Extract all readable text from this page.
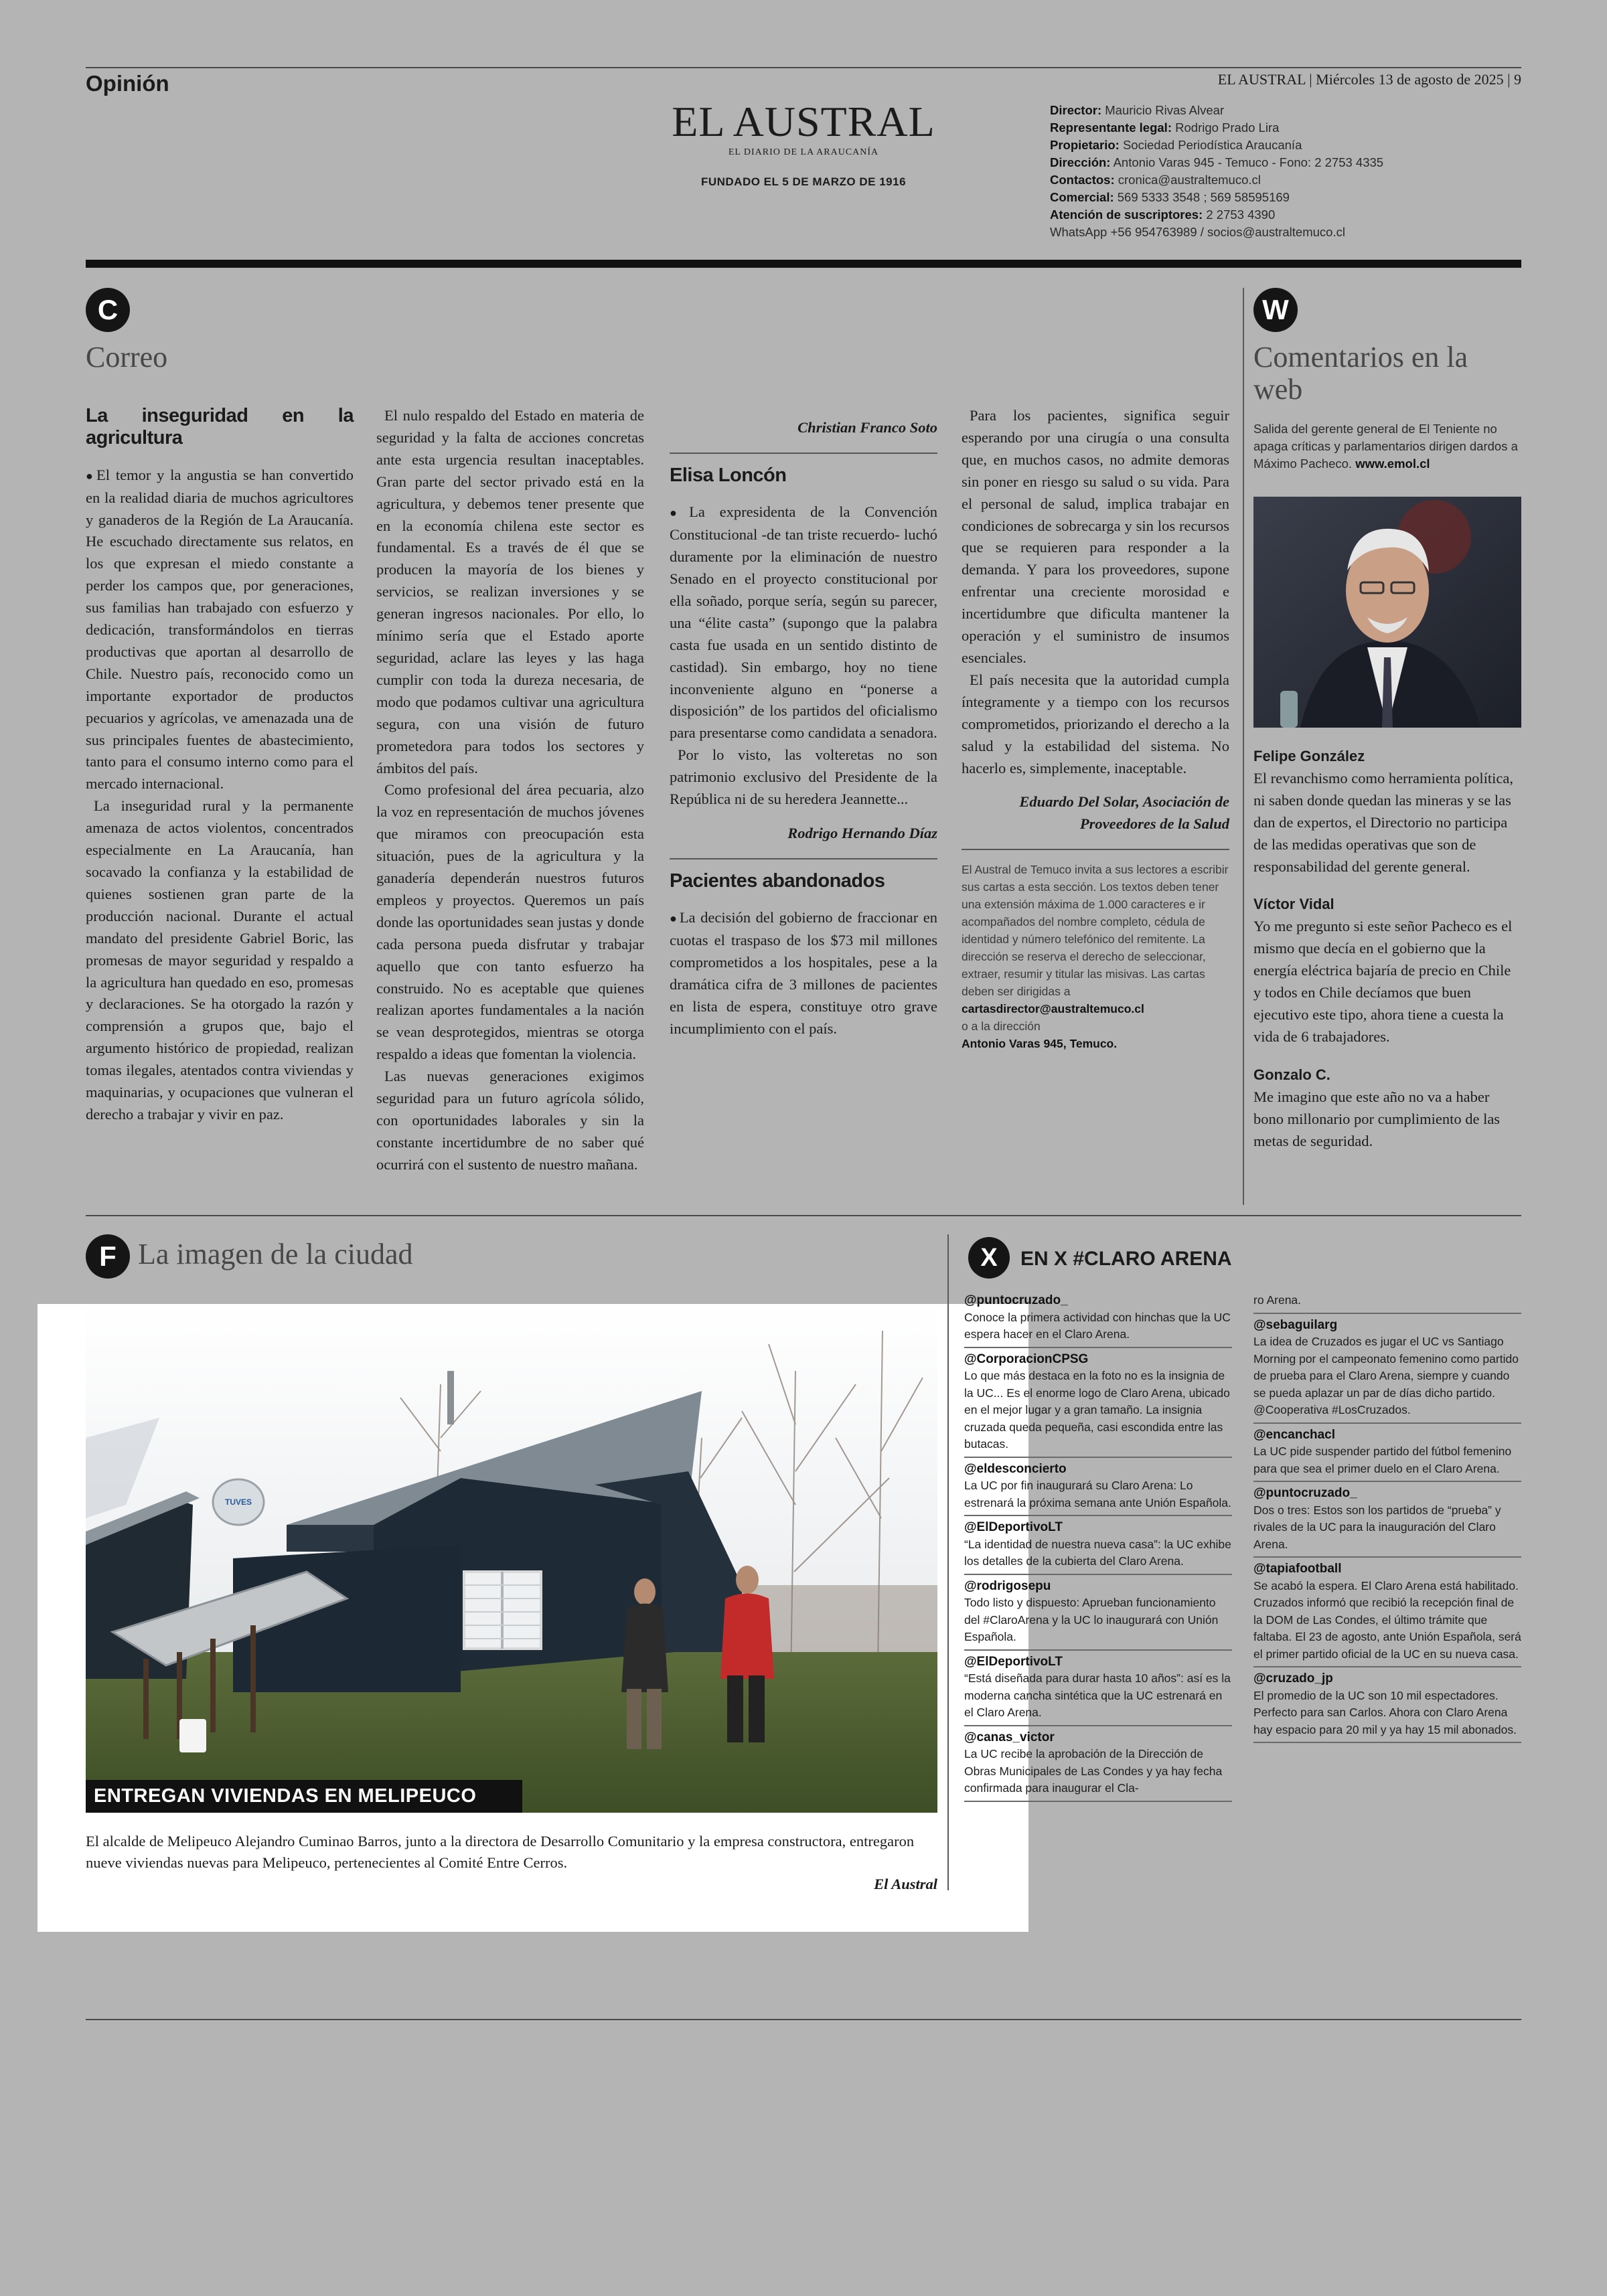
Opinión	EL AUSTRAL | Miércoles 13 de agosto de 2025 | 9
EL AUSTRAL
EL DIARIO DE LA ARAUCANÍA
FUNDADO EL 5 DE MARZO DE 1916
Director: Mauricio Rivas Alvear
Representante legal: Rodrigo Prado Lira
Propietario: Sociedad Periodística Araucanía
Dirección: Antonio Varas 945 - Temuco - Fono: 2 2753 4335
Contactos: cronica@australtemuco.cl
Comercial: 569 5333 3548 ; 569 58595169
Atención de suscriptores: 2 2753 4390
WhatsApp +56 954763989 / socios@australtemuco.cl
C
Correo
La inseguridad en la agricultura

● El temor y la angustia se han convertido en la realidad diaria de muchos agricultores y ganaderos de la Región de La Araucanía. He escuchado directamente sus relatos, en los que expresan el miedo constante a perder los campos que, por generaciones, sus familias han trabajado con esfuerzo y dedicación, transformándolos en tierras productivas que aportan al desarrollo de Chile. Nuestro país, reconocido como un importante exportador de productos pecuarios y agrícolas, ve amenazada una de sus principales fuentes de abastecimiento, tanto para el consumo interno como para el mercado internacional.

La inseguridad rural y la permanente amenaza de actos violentos, concentrados especialmente en La Araucanía, han socavado la confianza y la estabilidad de quienes sostienen gran parte de la producción nacional. Durante el actual mandato del presidente Gabriel Boric, las promesas de mayor seguridad y respaldo a la agricultura han quedado en eso, promesas y declaraciones. Se ha otorgado la razón y comprensión a grupos que, bajo el argumento histórico de propiedad, realizan tomas ilegales, atentados contra viviendas y maquinarias, y ocupaciones que vulneran el derecho a trabajar y vivir en paz.

El nulo respaldo del Estado en materia de seguridad y la falta de acciones concretas ante esta urgencia resultan inaceptables. Gran parte del sector privado está en la agricultura, y debemos tener presente que en la economía chilena este sector es fundamental. Es a través de él que se producen la mayoría de los bienes y servicios, se realizan inversiones y se generan ingresos nacionales. Por ello, lo mínimo sería que el Estado aporte seguridad, aclare las leyes y las haga cumplir con toda la dureza necesaria, de modo que podamos cultivar una agricultura segura, con una visión de futuro prometedora para todos los sectores y ámbitos del país.

Como profesional del área pecuaria, alzo la voz en representación de muchos jóvenes que miramos con preocupación esta situación, pues de la agricultura y la ganadería dependerán nuestros futuros empleos y proyectos. Queremos un país donde las oportunidades sean justas y donde cada persona pueda disfrutar y trabajar aquello que con tanto esfuerzo ha construido. No es aceptable que quienes realizan aportes fundamentales a la nación se vean desprotegidos, mientras se otorga respaldo a ideas que fomentan la violencia.

Las nuevas generaciones exigimos seguridad para un futuro agrícola sólido, con oportunidades laborales y sin la constante incertidumbre de no saber qué ocurrirá con el sustento de nuestro mañana.

Christian Franco Soto
Elisa Loncón

● La expresidenta de la Convención Constitucional -de tan triste recuerdo- luchó duramente por la eliminación de nuestro Senado en el proyecto constitucional por ella soñado, porque sería, según su parecer, una “élite casta” (supongo que la palabra casta fue usada en un sentido distinto de castidad). Sin embargo, hoy no tiene inconveniente alguno en “ponerse a disposición” de los partidos del oficialismo para presentarse como candidata a senadora.

Por lo visto, las volteretas no son patrimonio exclusivo del Presidente de la República ni de su heredera Jeannette...

Rodrigo Hernando Díaz
Pacientes abandonados

● La decisión del gobierno de fraccionar en cuotas el traspaso de los $73 mil millones comprometidos a los hospitales, pese a la dramática cifra de 3 millones de pacientes en lista de espera, constituye otro grave incumplimiento con el país.

Para los pacientes, significa seguir esperando por una cirugía o una consulta que, en muchos casos, no admite demoras sin poner en riesgo su salud o su vida. Para el personal de salud, implica trabajar en condiciones de sobrecarga y sin los recursos que se requieren para responder a la demanda. Y para los proveedores, supone enfrentar una creciente morosidad e incertidumbre que dificulta mantener la operación y el suministro de insumos esenciales.

El país necesita que la autoridad cumpla íntegramente y a tiempo con los recursos comprometidos, priorizando el derecho a la salud y la estabilidad del sistema. No hacerlo es, simplemente, inaceptable.

Eduardo Del Solar, Asociación de Proveedores de la Salud
El Austral de Temuco invita a sus lectores a escribir sus cartas a esta sección. Los textos deben tener una extensión máxima de 1.000 caracteres e ir acompañados del nombre completo, cédula de identidad y número telefónico del remitente. La dirección se reserva el derecho de seleccionar, extraer, resumir y titular las misivas. Las cartas deben ser dirigidas a
cartasdirector@australtemuco.cl
o a la dirección
Antonio Varas 945, Temuco.
W
Comentarios en la web
Salida del gerente general de El Teniente no apaga críticas y parlamentarios dirigen dardos a Máximo Pacheco. www.emol.cl

Felipe González

El revanchismo como herramienta política, ni saben donde quedan las mineras y se las dan de expertos, el Directorio no participa de las medidas operativas que son de responsabilidad del gerente general.

Víctor Vidal

Yo me pregunto si este señor Pacheco es el mismo que decía en el gobierno que la energía eléctrica bajaría de precio en Chile y todos en Chile decíamos que buen ejecutivo este tipo, ahora tiene a cuesta la vida de 6 trabajadores.

Gonzalo C.

Me imagino que este año no va a haber bono millonario por cumplimiento de las metas de seguridad.

F La imagen de la ciudad
TUVES
ENTREGAN VIVIENDAS EN MELIPEUCO
El alcalde de Melipeuco Alejandro Cuminao Barros, junto a la directora de Desarrollo Comunitario y la empresa constructora, entregaron nueve viviendas nuevas para Melipeuco, pertenecientes al Comité Entre Cerros.
El Austral
X	EN X #CLARO ARENA
@puntocruzado_
Conoce la primera actividad con hinchas que la UC espera hacer en el Claro Arena.
@CorporacionCPSG
Lo que más destaca en la foto no es la insignia de la UC... Es el enorme logo de Claro Arena, ubicado en el mejor lugar y a gran tamaño. La insignia cruzada queda pequeña, casi escondida entre las butacas.
@eldesconcierto
La UC por fin inaugurará su Claro Arena: Lo estrenará la próxima semana ante Unión Española.
@ElDeportivoLT
“La identidad de nuestra nueva casa”: la UC exhibe los detalles de la cubierta del Claro Arena.
@rodrigosepu
Todo listo y dispuesto: Aprueban funcionamiento del #ClaroArena y la UC lo inaugurará con Unión Española.
@ElDeportivoLT
“Está diseñada para durar hasta 10 años”: así es la moderna cancha sintética que la UC estrenará en el Claro Arena.
@canas_victor
La UC recibe la aprobación de la Dirección de Obras Municipales de Las Condes y ya hay fecha confirmada para inaugurar el Cla-
ro Arena.
@sebaguilarg
La idea de Cruzados es jugar el UC vs Santiago Morning por el campeonato femenino como partido de prueba para el Claro Arena, siempre y cuando se pueda aplazar un par de días dicho partido. @Cooperativa #LosCruzados.
@encanchacl
La UC pide suspender partido del fútbol femenino para que sea el primer duelo en el Claro Arena.
@puntocruzado_
Dos o tres: Estos son los partidos de “prueba” y rivales de la UC para la inauguración del Claro Arena.
@tapiafootball
Se acabó la espera. El Claro Arena está habilitado. Cruzados informó que recibió la recepción final de la DOM de Las Condes, el último trámite que faltaba. El 23 de agosto, ante Unión Española, será el primer partido oficial de la UC en su nueva casa.
@cruzado_jp
El promedio de la UC son 10 mil espectadores. Perfecto para san Carlos. Ahora con Claro Arena hay espacio para 20 mil y ya hay 15 mil abonados.
